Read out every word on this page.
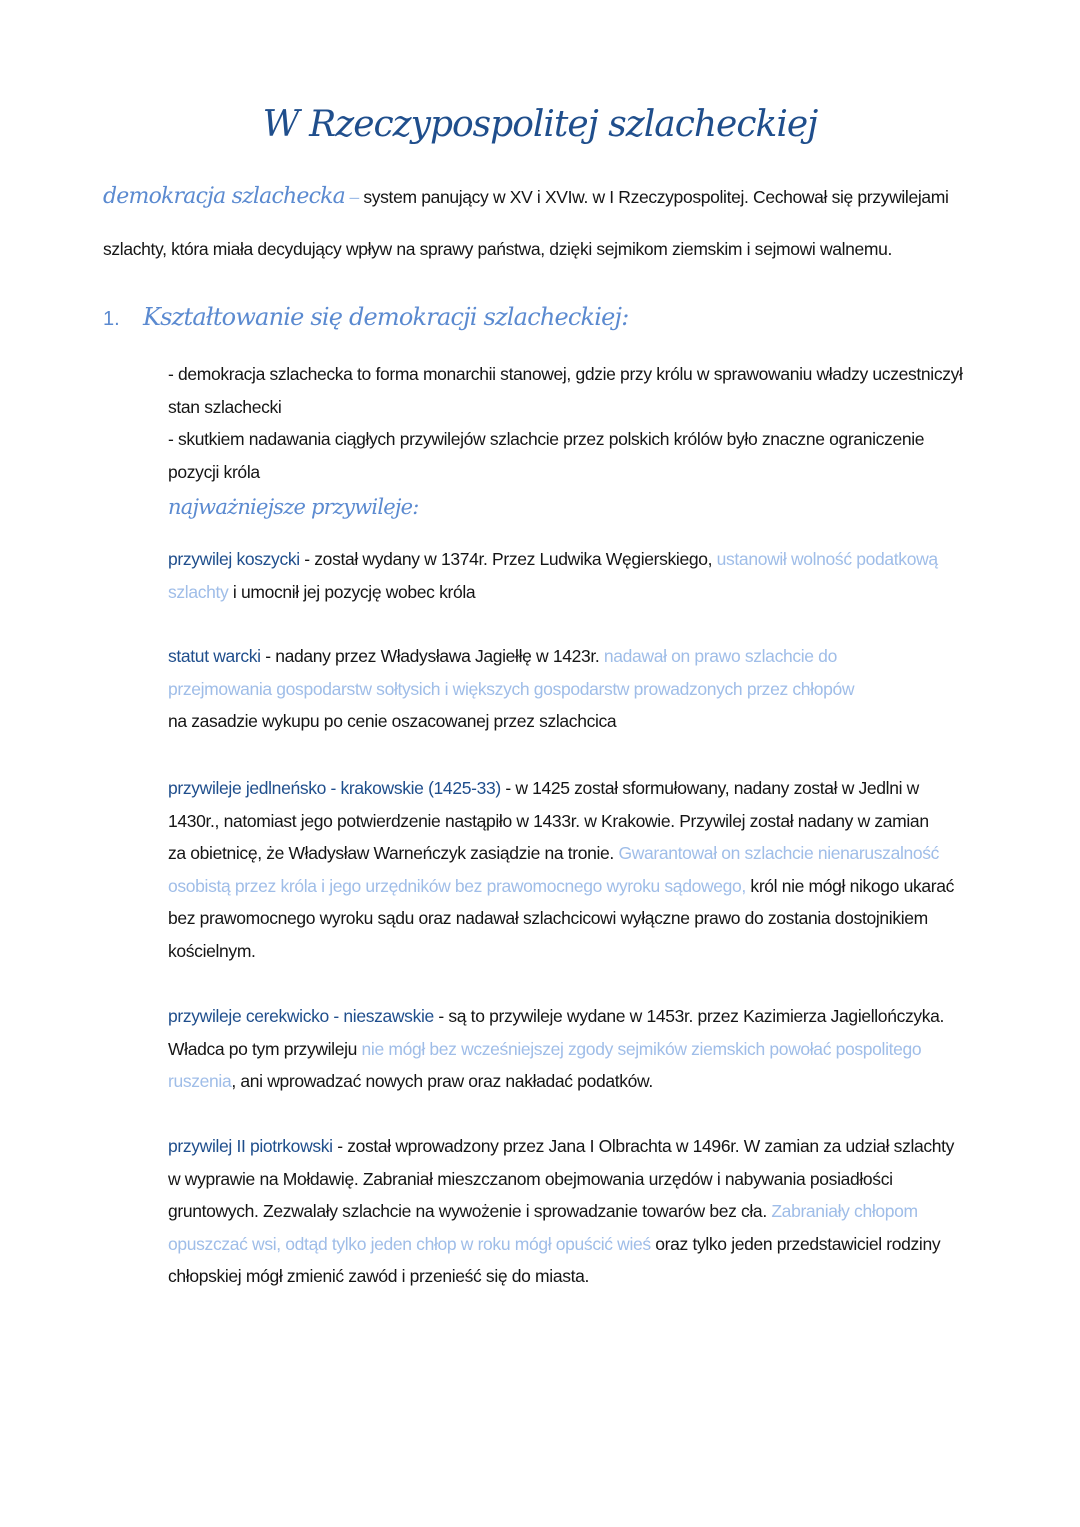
W Rzeczypospolitej szlacheckiej
demokracja szlachecka – system panujący w XV i XVIw. w I Rzeczypospolitej. Cechował się przywilejami
szlachty, która miała decydujący wpływ na sprawy państwa, dzięki sejmikom ziemskim i sejmowi walnemu.
1. Kształtowanie się demokracji szlacheckiej:
- demokracja szlachecka to forma monarchii stanowej, gdzie przy królu w sprawowaniu władzy uczestniczył
stan szlachecki
- skutkiem nadawania ciągłych przywilejów szlachcie przez polskich królów było znaczne ograniczenie
pozycji króla
najważniejsze przywileje:
przywilej koszycki - został wydany w 1374r. Przez Ludwika Węgierskiego, ustanowił wolność podatkową
szlachty i umocnił jej pozycję wobec króla
statut warcki - nadany przez Władysława Jagiełłę w 1423r. nadawał on prawo szlachcie do
przejmowania gospodarstw sołtysich i większych gospodarstw prowadzonych przez chłopów
na zasadzie wykupu po cenie oszacowanej przez szlachcica
przywileje jedlneńsko - krakowskie (1425-33) - w 1425 został sformułowany, nadany został w Jedlni w
1430r., natomiast jego potwierdzenie nastąpiło w 1433r. w Krakowie. Przywilej został nadany w zamian
za obietnicę, że Władysław Warneńczyk zasiądzie na tronie. Gwarantował on szlachcie nienaruszalność
osobistą przez króla i jego urzędników bez prawomocnego wyroku sądowego, król nie mógł nikogo ukarać
bez prawomocnego wyroku sądu oraz nadawał szlachcicowi wyłączne prawo do zostania dostojnikiem
kościelnym.
przywileje cerekwicko - nieszawskie - są to przywileje wydane w 1453r. przez Kazimierza Jagiellończyka.
Władca po tym przywileju nie mógł bez wcześniejszej zgody sejmików ziemskich powołać pospolitego
ruszenia, ani wprowadzać nowych praw oraz nakładać podatków.
przywilej II piotrkowski - został wprowadzony przez Jana I Olbrachta w 1496r. W zamian za udział szlachty
w wyprawie na Mołdawię. Zabraniał mieszczanom obejmowania urzędów i nabywania posiadłości
gruntowych. Zezwalały szlachcie na wywożenie i sprowadzanie towarów bez cła. Zabraniały chłopom
opuszczać wsi, odtąd tylko jeden chłop w roku mógł opuścić wieś oraz tylko jeden przedstawiciel rodziny
chłopskiej mógł zmienić zawód i przenieść się do miasta.
